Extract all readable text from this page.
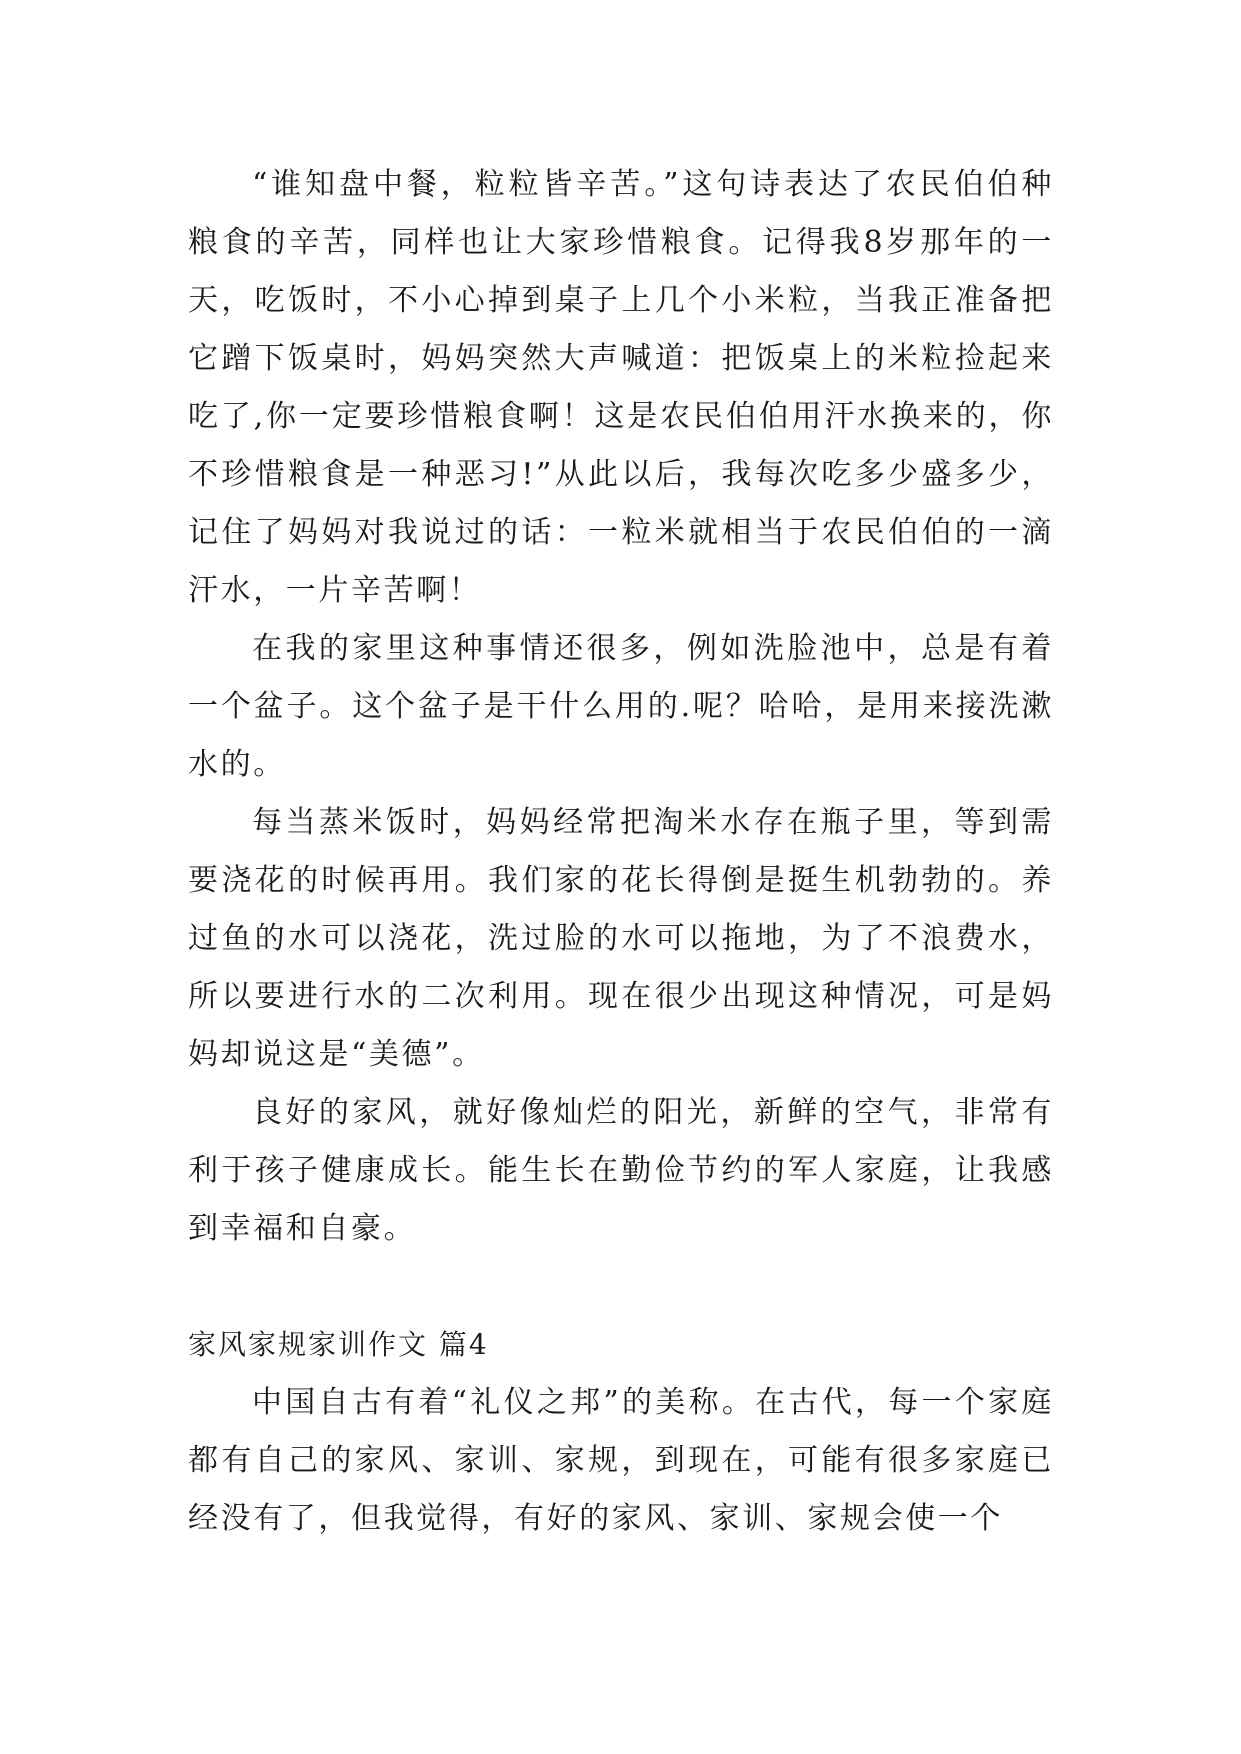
“谁知盘中餐，粒粒皆辛苦。”这句诗表达了农民伯伯种粮食的辛苦，同样也让大家珍惜粮食。记得我8岁那年的一天，吃饭时，不小心掉到桌子上几个小米粒，当我正准备把它蹭下饭桌时，妈妈突然大声喊道：把饭桌上的米粒捡起来吃了,你一定要珍惜粮食啊！这是农民伯伯用汗水换来的，你不珍惜粮食是一种恶习!”从此以后，我每次吃多少盛多少，记住了妈妈对我说过的话：一粒米就相当于农民伯伯的一滴汗水，一片辛苦啊！

在我的家里这种事情还很多，例如洗脸池中，总是有着一个盆子。这个盆子是干什么用的.呢？哈哈，是用来接洗漱水的。

每当蒸米饭时，妈妈经常把淘米水存在瓶子里，等到需要浇花的时候再用。我们家的花长得倒是挺生机勃勃的。养过鱼的水可以浇花，洗过脸的水可以拖地，为了不浪费水，所以要进行水的二次利用。现在很少出现这种情况，可是妈妈却说这是“美德”。

良好的家风，就好像灿烂的阳光，新鲜的空气，非常有利于孩子健康成长。能生长在勤俭节约的军人家庭，让我感到幸福和自豪。

家风家规家训作文 篇4

中国自古有着“礼仪之邦”的美称。在古代，每一个家庭都有自己的家风、家训、家规，到现在，可能有很多家庭已经没有了，但我觉得，有好的家风、家训、家规会使一个
